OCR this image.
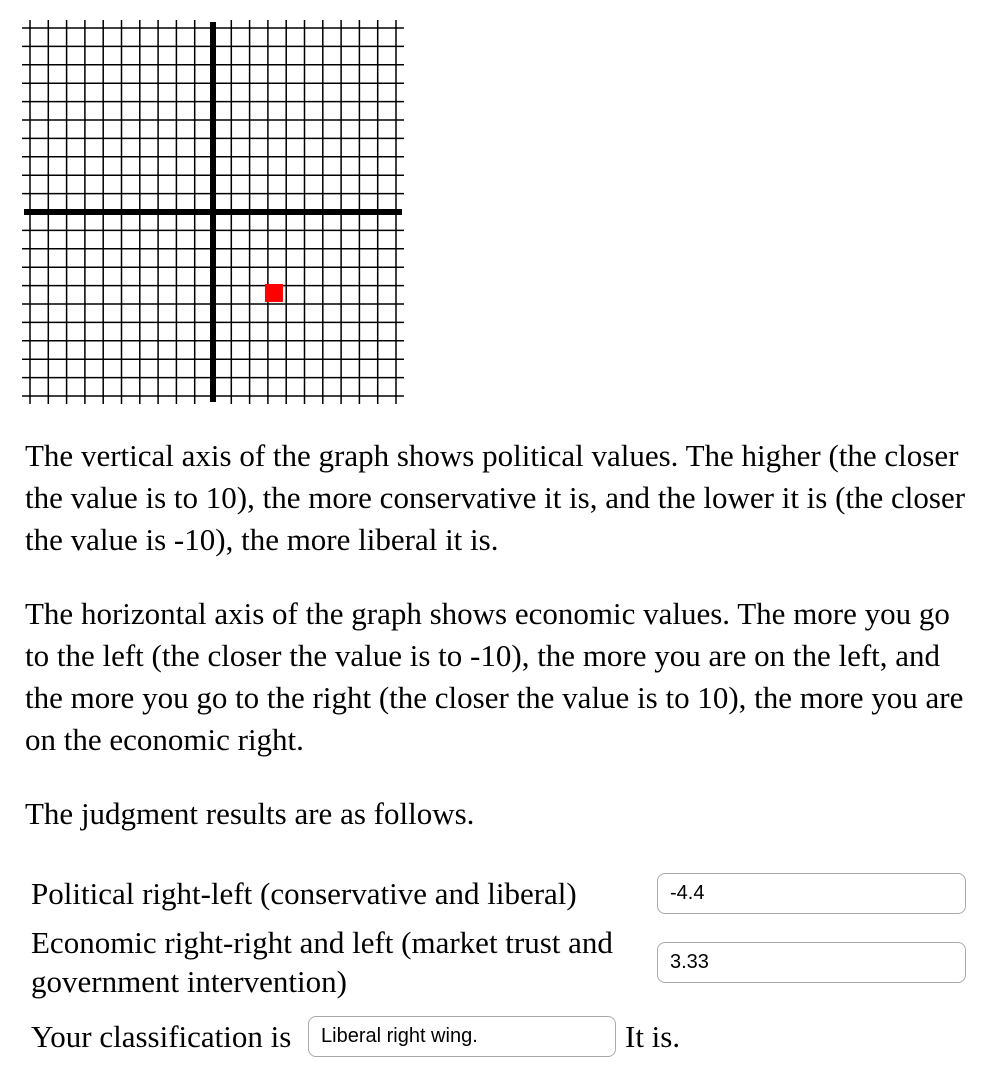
The vertical axis of the graph shows political values. The higher (the closer the value is to 10), the more conservative it is, and the lower it is (the closer the value is -10), the more liberal it is.

The horizontal axis of the graph shows economic values. The more you go to the left (the closer the value is to -10), the more you are on the left, and the more you go to the right (the closer the value is to 10), the more you are on the economic right.

The judgment results are as follows.

Political right-left (conservative and liberal)
-4.4
Economic right-right and left (market trust and government intervention)
3.33
Your classification is
Liberal right wing.	It is.
